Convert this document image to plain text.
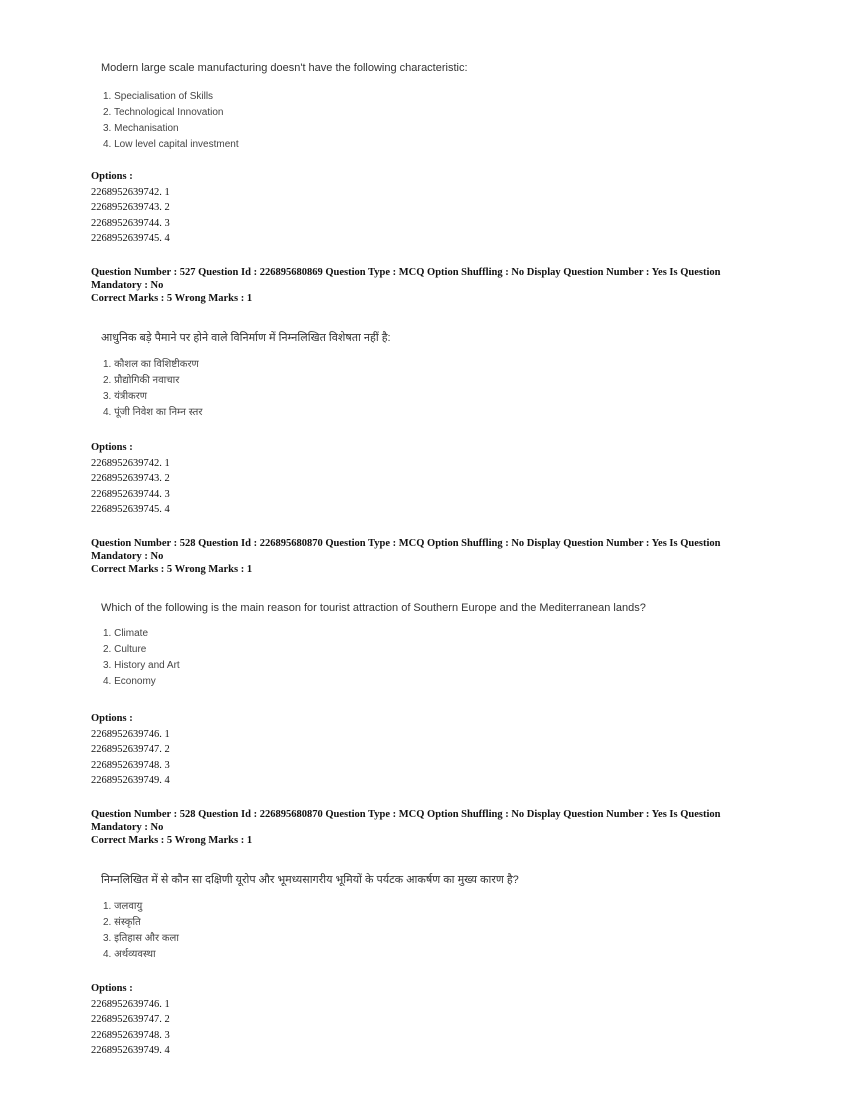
Modern large scale manufacturing doesn't have the following characteristic:
1. Specialisation of Skills
2. Technological Innovation
3. Mechanisation
4. Low level capital investment
Options :
2268952639742. 1
2268952639743. 2
2268952639744. 3
2268952639745. 4
Question Number : 527 Question Id : 226895680869 Question Type : MCQ Option Shuffling : No Display Question Number : Yes Is Question
Mandatory : No
Correct Marks : 5 Wrong Marks : 1
आधुनिक बड़े पैमाने पर होने वाले विनिर्माण में निम्नलिखित विशेषता नहीं है:
1. कौशल का विशिष्टीकरण
2. प्रौद्योगिकी नवाचार
3. यंत्रीकरण
4. पूंजी निवेश का निम्न स्तर
Options :
2268952639742. 1
2268952639743. 2
2268952639744. 3
2268952639745. 4
Question Number : 528 Question Id : 226895680870 Question Type : MCQ Option Shuffling : No Display Question Number : Yes Is Question
Mandatory : No
Correct Marks : 5 Wrong Marks : 1
Which of the following is the main reason for tourist attraction of Southern Europe and the Mediterranean lands?
1. Climate
2. Culture
3. History and Art
4. Economy
Options :
2268952639746. 1
2268952639747. 2
2268952639748. 3
2268952639749. 4
Question Number : 528 Question Id : 226895680870 Question Type : MCQ Option Shuffling : No Display Question Number : Yes Is Question
Mandatory : No
Correct Marks : 5 Wrong Marks : 1
निम्नलिखित में से कौन सा दक्षिणी यूरोप और भूमध्यसागरीय भूमियों के पर्यटक आकर्षण का मुख्य कारण है?
1. जलवायु
2. संस्कृति
3. इतिहास और कला
4. अर्थव्यवस्था
Options :
2268952639746. 1
2268952639747. 2
2268952639748. 3
2268952639749. 4
